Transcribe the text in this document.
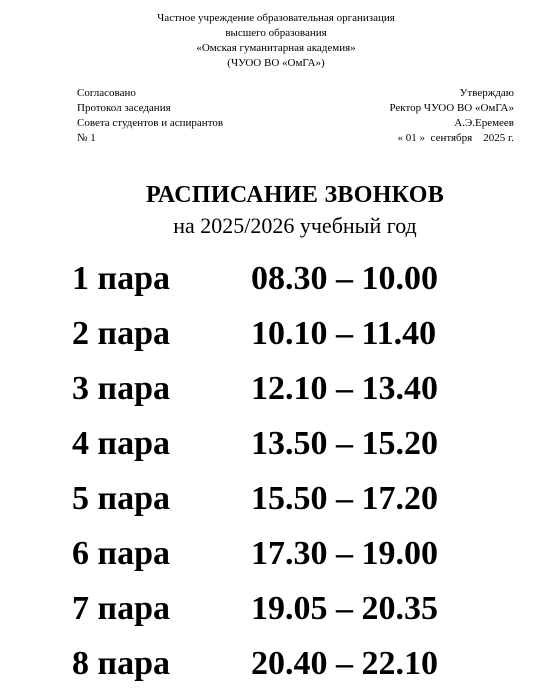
Частное учреждение образовательная организация
высшего образования
«Омская гуманитарная академия»
(ЧУОО ВО «ОмГА»)
Согласовано
Протокол заседания
Совета студентов и аспирантов
№ 1
Утверждаю
Ректор ЧУОО ВО «ОмГА»
А.Э.Еремеев
« 01 » сентября 2025 г.
РАСПИСАНИЕ ЗВОНКОВ
на 2025/2026 учебный год
1 пара 08.30 – 10.00
2 пара 10.10 – 11.40
3 пара 12.10 – 13.40
4 пара 13.50 – 15.20
5 пара 15.50 – 17.20
6 пара 17.30 – 19.00
7 пара 19.05 – 20.35
8 пара 20.40 – 22.10
